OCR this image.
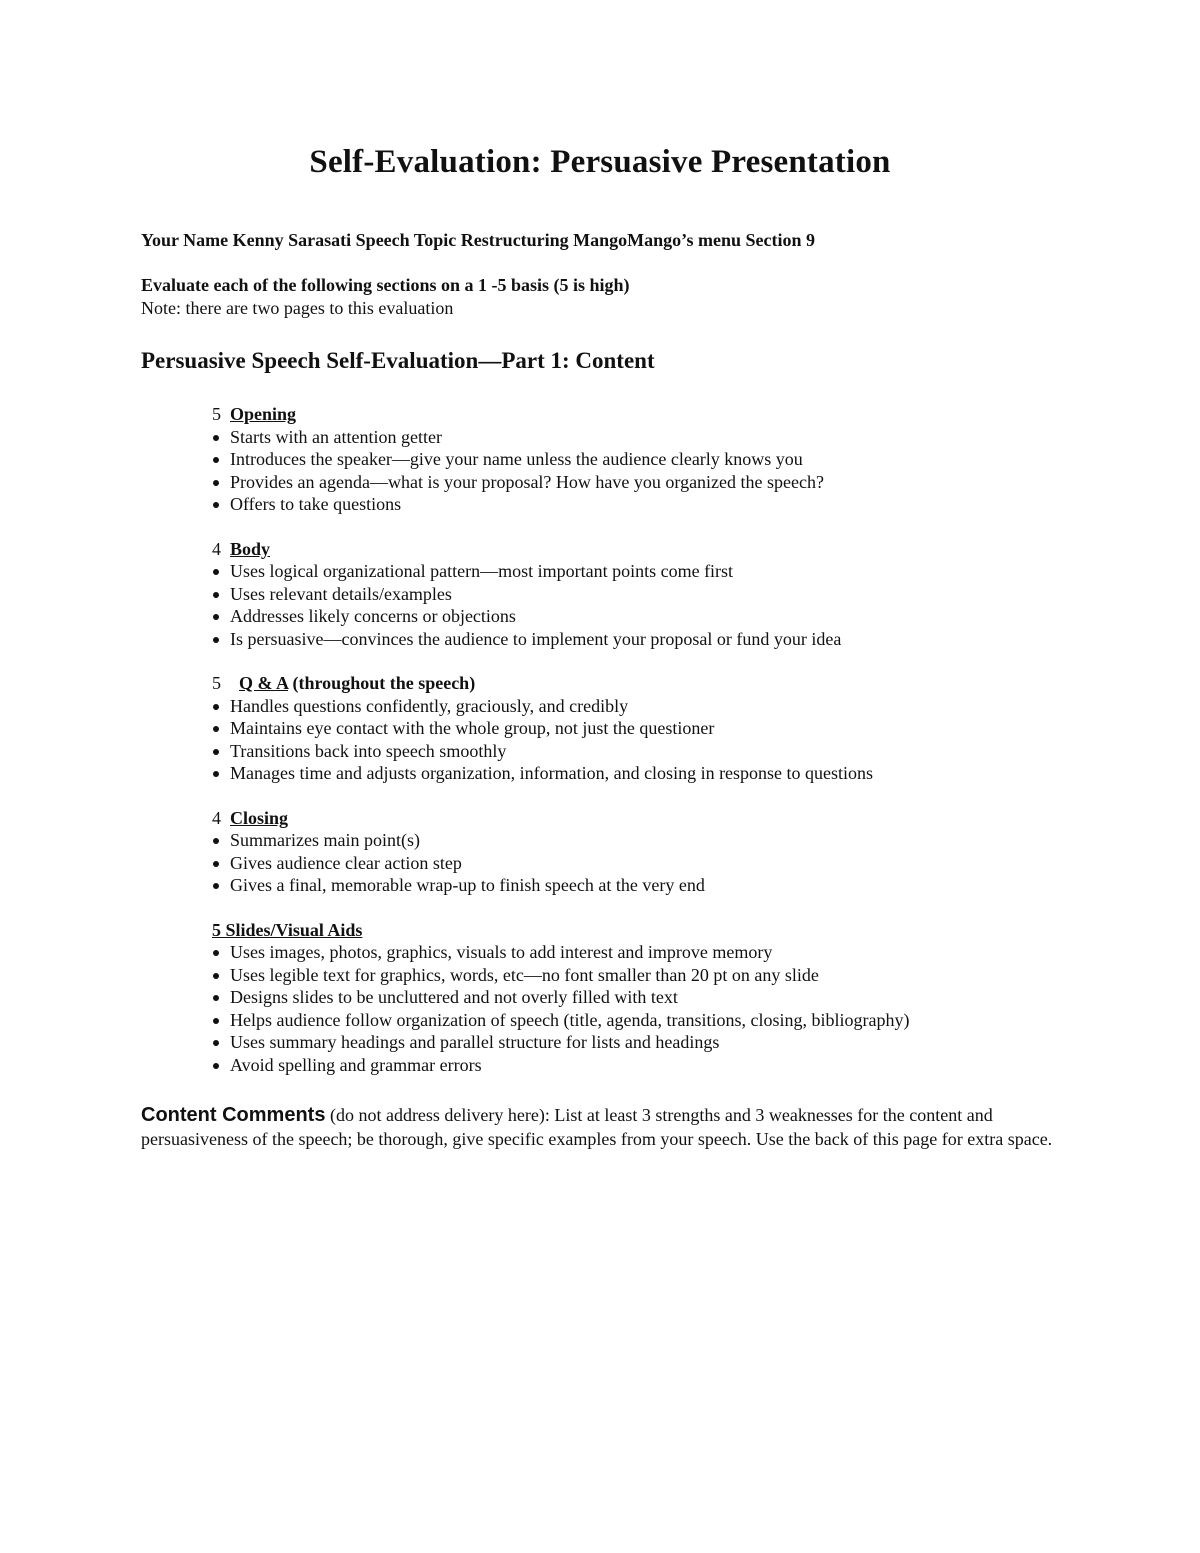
Self-Evaluation: Persuasive Presentation
Your Name Kenny Sarasati Speech Topic Restructuring MangoMango’s menu Section 9
Evaluate each of the following sections on a 1 -5 basis (5 is high)
Note: there are two pages to this evaluation
Persuasive Speech Self-Evaluation—Part 1: Content
5 Opening
Starts with an attention getter
Introduces the speaker—give your name unless the audience clearly knows you
Provides an agenda—what is your proposal? How have you organized the speech?
Offers to take questions
4 Body
Uses logical organizational pattern—most important points come first
Uses relevant details/examples
Addresses likely concerns or objections
Is persuasive—convinces the audience to implement your proposal or fund your idea
5 Q & A (throughout the speech)
Handles questions confidently, graciously, and credibly
Maintains eye contact with the whole group, not just the questioner
Transitions back into speech smoothly
Manages time and adjusts organization, information, and closing in response to questions
4 Closing
Summarizes main point(s)
Gives audience clear action step
Gives a final, memorable wrap-up to finish speech at the very end
5 Slides/Visual Aids
Uses images, photos, graphics, visuals to add interest and improve memory
Uses legible text for graphics, words, etc—no font smaller than 20 pt on any slide
Designs slides to be uncluttered and not overly filled with text
Helps audience follow organization of speech (title, agenda, transitions, closing, bibliography)
Uses summary headings and parallel structure for lists and headings
Avoid spelling and grammar errors
Content Comments (do not address delivery here): List at least 3 strengths and 3 weaknesses for the content and persuasiveness of the speech; be thorough, give specific examples from your speech. Use the back of this page for extra space.
